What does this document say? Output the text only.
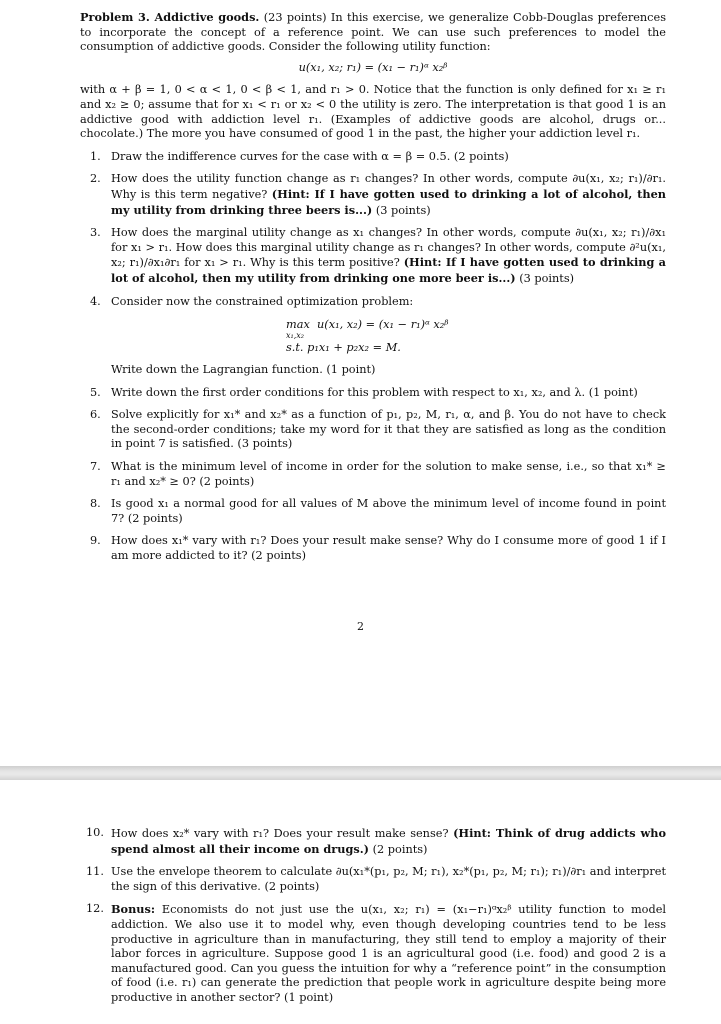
Problem 3. Addictive goods. (23 points) In this exercise, we generalize Cobb-Douglas preferences to incorporate the concept of a reference point. We can use such preferences to model the consumption of addictive goods. Consider the following utility function:

u(x₁, x₂; r₁) = (x₁ − r₁)ᵅ x₂ᵝ

with α + β = 1, 0 < α < 1, 0 < β < 1, and r₁ > 0. Notice that the function is only defined for x₁ ≥ r₁ and x₂ ≥ 0; assume that for x₁ < r₁ or x₂ < 0 the utility is zero. The interpretation is that good 1 is an addictive good with addiction level r₁. (Examples of addictive goods are alcohol, drugs or... chocolate.) The more you have consumed of good 1 in the past, the higher your addiction level r₁.

1. Draw the indifference curves for the case with α = β = 0.5. (2 points)
2. How does the utility function change as r₁ changes? In other words, compute ∂u(x₁, x₂; r₁)/∂r₁. Why is this term negative? (Hint: If I have gotten used to drinking a lot of alcohol, then my utility from drinking three beers is...) (3 points)
3. How does the marginal utility change as x₁ changes? In other words, compute ∂u(x₁, x₂; r₁)/∂x₁ for x₁ > r₁. How does this marginal utility change as r₁ changes? In other words, compute ∂²u(x₁, x₂; r₁)/∂x₁∂r₁ for x₁ > r₁. Why is this term positive? (Hint: If I have gotten used to drinking a lot of alcohol, then my utility from drinking one more beer is...) (3 points)
4. Consider now the constrained optimization problem:
max u(x₁, x₂) = (x₁ − r₁)ᵅ x₂ᵝ
x₁,x₂
s.t. p₁x₁ + p₂x₂ = M.
Write down the Lagrangian function. (1 point)
5. Write down the first order conditions for this problem with respect to x₁, x₂, and λ. (1 point)
6. Solve explicitly for x₁* and x₂* as a function of p₁, p₂, M, r₁, α, and β. You do not have to check the second-order conditions; take my word for it that they are satisfied as long as the condition in point 7 is satisfied. (3 points)
7. What is the minimum level of income in order for the solution to make sense, i.e., so that x₁* ≥ r₁ and x₂* ≥ 0? (2 points)
8. Is good x₁ a normal good for all values of M above the minimum level of income found in point 7? (2 points)
9. How does x₁* vary with r₁? Does your result make sense? Why do I consume more of good 1 if I am more addicted to it? (2 points)
2
10. How does x₂* vary with r₁? Does your result make sense? (Hint: Think of drug addicts who spend almost all their income on drugs.) (2 points)
11. Use the envelope theorem to calculate ∂u(x₁*(p₁, p₂, M; r₁), x₂*(p₁, p₂, M; r₁); r₁)/∂r₁ and interpret the sign of this derivative. (2 points)
12. Bonus: Economists do not just use the u(x₁, x₂; r₁) = (x₁−r₁)ᵅx₂ᵝ utility function to model addiction. We also use it to model why, even though developing countries tend to be less productive in agriculture than in manufacturing, they still tend to employ a majority of their labor forces in agriculture. Suppose good 1 is an agricultural good (i.e. food) and good 2 is a manufactured good. Can you guess the intuition for why a “reference point” in the consumption of food (i.e. r₁) can generate the prediction that people work in agriculture despite being more productive in another sector? (1 point)
